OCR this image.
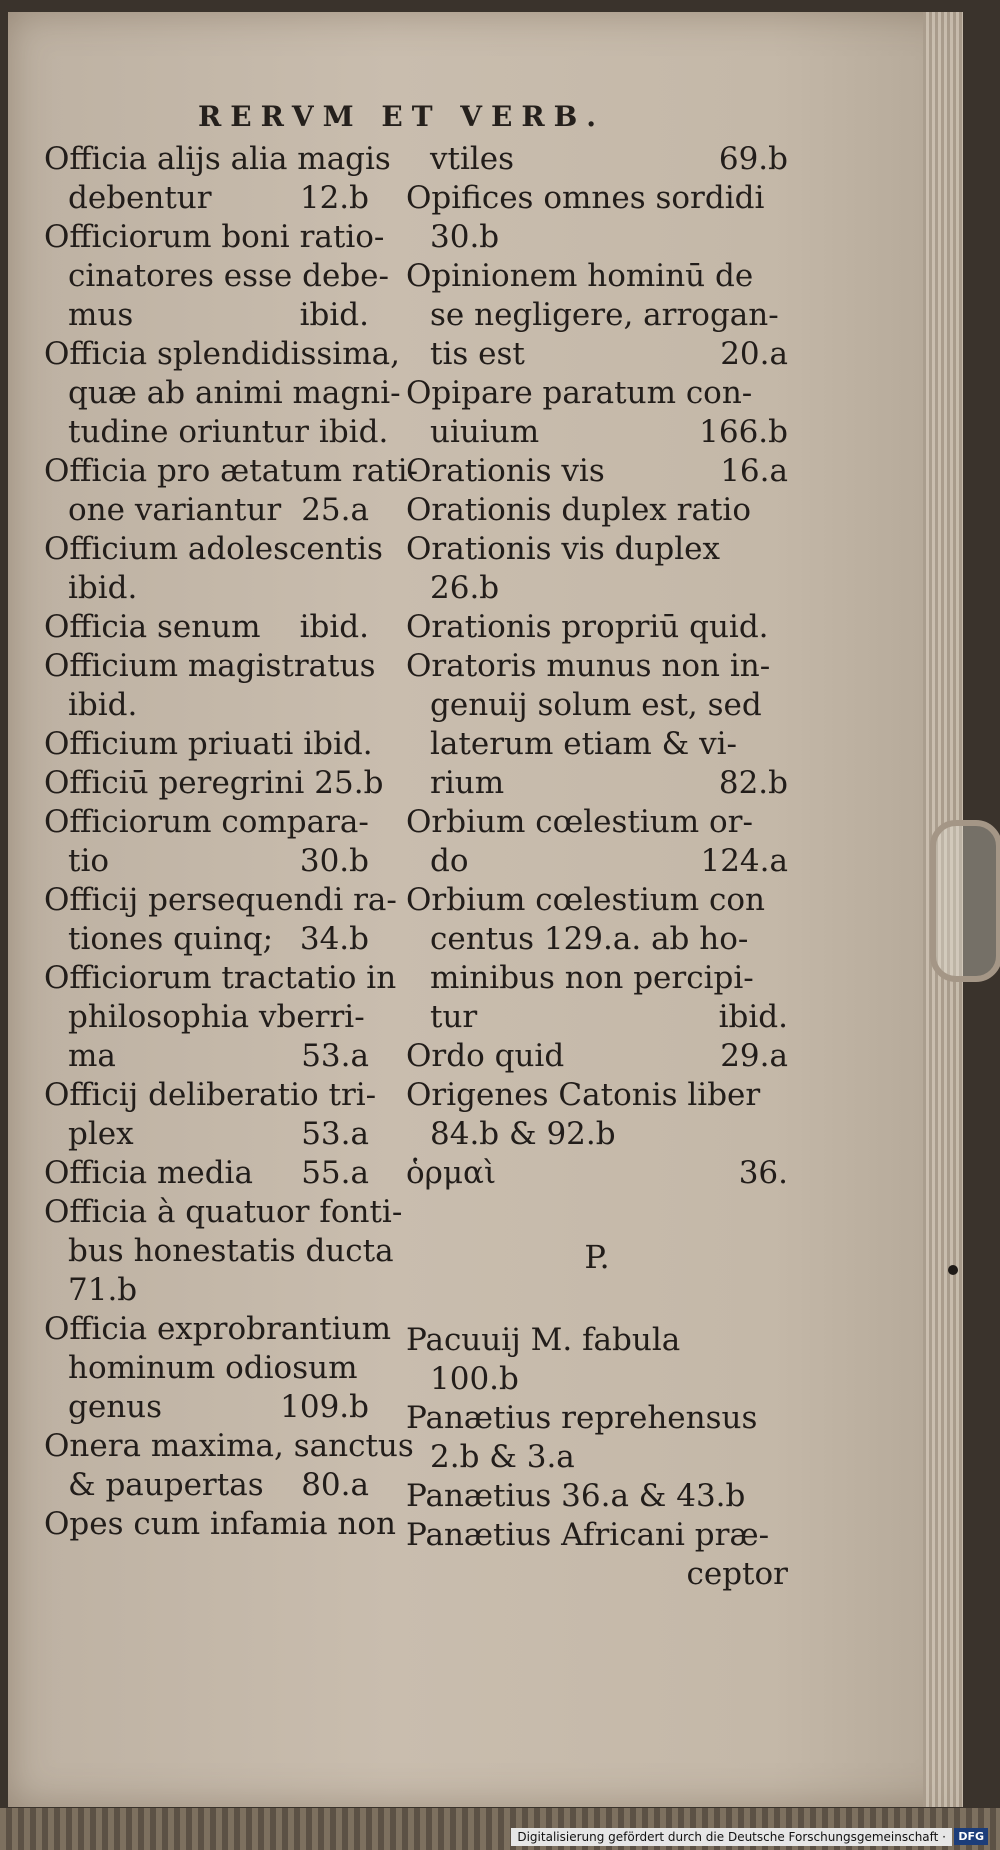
RERVM ET VERB.
Officia alijs alia magis
debentur	12.b
Officiorum boni ratio-
cinatores esse debe-
mus	ibid.
Officia splendidissima,
quæ ab animi magni-
tudine oriuntur ibid.
Officia pro ætatum rati-
one variantur 25.a
Officium adolescentis
ibid.
Officia senum	ibid.
Officium magistratus
ibid.
Officium priuati ibid.
Officiū peregrini 25.b
Officiorum compara-
tio	30.b
Officij persequendi ra-
tiones quinq; 34.b
Officiorum tractatio in
philosophia vberri-
ma	53.a
Officij deliberatio tri-
plex	53.a
Officia media	55.a
Officia à quatuor fonti-
bus honestatis ducta
71.b
Officia exprobrantium
hominum odiosum
genus	109.b
Onera maxima, sanctus
& paupertas	80.a
Opes cum infamia non
vtiles	69.b
Opifices omnes sordidi
30.b
Opinionem hominū de
se negligere, arrogan-
tis est	20.a
Opipare paratum con-
uiuium	166.b
Orationis vis	16.a
Orationis duplex ratio
Orationis vis duplex
26.b
Orationis propriū quid.
Oratoris munus non in-
genuij solum est, sed
laterum etiam & vi-
rium	82.b
Orbium cœlestium or-
do	124.a
Orbium cœlestium con
centus 129.a. ab ho-
minibus non percipi-
tur	ibid.
Ordo quid	29.a
Origenes Catonis liber
84.b & 92.b
ὁρμαὶ	36.
P.
Pacuuij M. fabula
100.b
Panætius reprehensus
2.b & 3.a
Panætius 36.a & 43.b
Panætius Africani præ-
ceptor
Digitalisierung gefördert durch die Deutsche Forschungsgemeinschaft ·	DFG
